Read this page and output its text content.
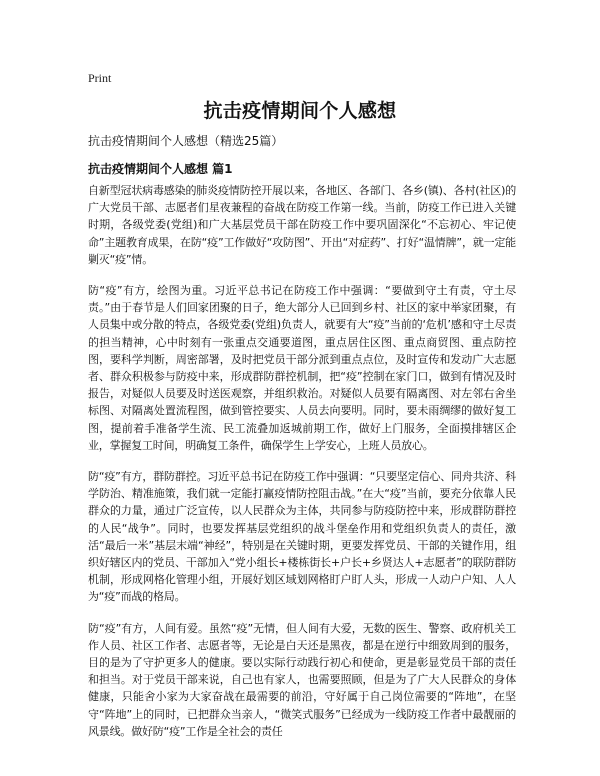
Print
抗击疫情期间个人感想
抗击疫情期间个人感想（精选25篇）
抗击疫情期间个人感想 篇1

自新型冠状病毒感染的肺炎疫情防控开展以来，各地区、各部门、各乡(镇)、各村(社区)的广大党员干部、志愿者们星夜兼程的奋战在防疫工作第一线。当前，防疫工作已进入关键时期，各级党委(党组)和广大基层党员干部在防疫工作中要巩固深化“不忘初心、牢记使命”主题教育成果，在防“疫”工作做好“攻防图”、开出“对症药”、打好“温情牌”，就一定能剿灭“疫”情。

防“疫”有方，绘图为重。习近平总书记在防疫工作中强调：“要做到守土有责，守土尽责。”由于春节是人们回家团聚的日子，绝大部分人已回到乡村、社区的家中举家团聚，有人员集中或分散的特点，各级党委(党组)负责人，就要有大“疫”当前的‘危机’感和守土尽责的担当精神，心中时刻有一张重点交通要道图，重点居住区图、重点商贸图、重点防控图，要科学判断，周密部署，及时把党员干部分派到重点点位，及时宣传和发动广大志愿者、群众积极参与防疫中来，形成群防群控机制，把“疫”控制在家门口，做到有情况及时报告，对疑似人员要及时送医观察，并组织救治。对疑似人员要有隔离图、对左邻右舍坐标图、对隔离处置流程图，做到管控要实、人员去向要明。同时，要未雨绸缪的做好复工图，提前着手准备学生流、民工流叠加返城前期工作，做好上门服务，全面摸排辖区企业，掌握复工时间，明确复工条件，确保学生上学安心，上班人员放心。

防“疫”有方，群防群控。习近平总书记在防疫工作中强调：“只要坚定信心、同舟共济、科学防治、精准施策，我们就一定能打赢疫情防控阻击战。”在大“疫”当前，要充分依靠人民群众的力量，通过广泛宣传，以人民群众为主体，共同参与防疫防控中来，形成群防群控的人民“战争”。同时，也要发挥基层党组织的战斗堡垒作用和党组织负责人的责任，激活“最后一米”基层末端“神经”，特别是在关键时期，更要发挥党员、干部的关键作用，组织好辖区内的党员、干部加入“党小组长+楼栋街长+户长+乡贤达人+志愿者”的联防群防机制，形成网格化管理小组，开展好划区域划网格盯户盯人头，形成一人动户户知、人人为“疫”而战的格局。

防“疫”有方，人间有爱。虽然“疫”无情，但人间有大爱，无数的医生、警察、政府机关工作人员、社区工作者、志愿者等，无论是白天还是黑夜，都是在逆行中细致周到的服务，目的是为了守护更多人的健康。要以实际行动践行初心和使命，更是彰显党员干部的责任和担当。对于党员干部来说，自己也有家人，也需要照顾，但是为了广大人民群众的身体健康，只能舍小家为大家奋战在最需要的前沿，守好属于自己岗位需要的“阵地”，在坚守“阵地”上的同时，已把群众当亲人，“微笑式服务”已经成为一线防疫工作者中最靓丽的风景线。做好防“疫”工作是全社会的责任
